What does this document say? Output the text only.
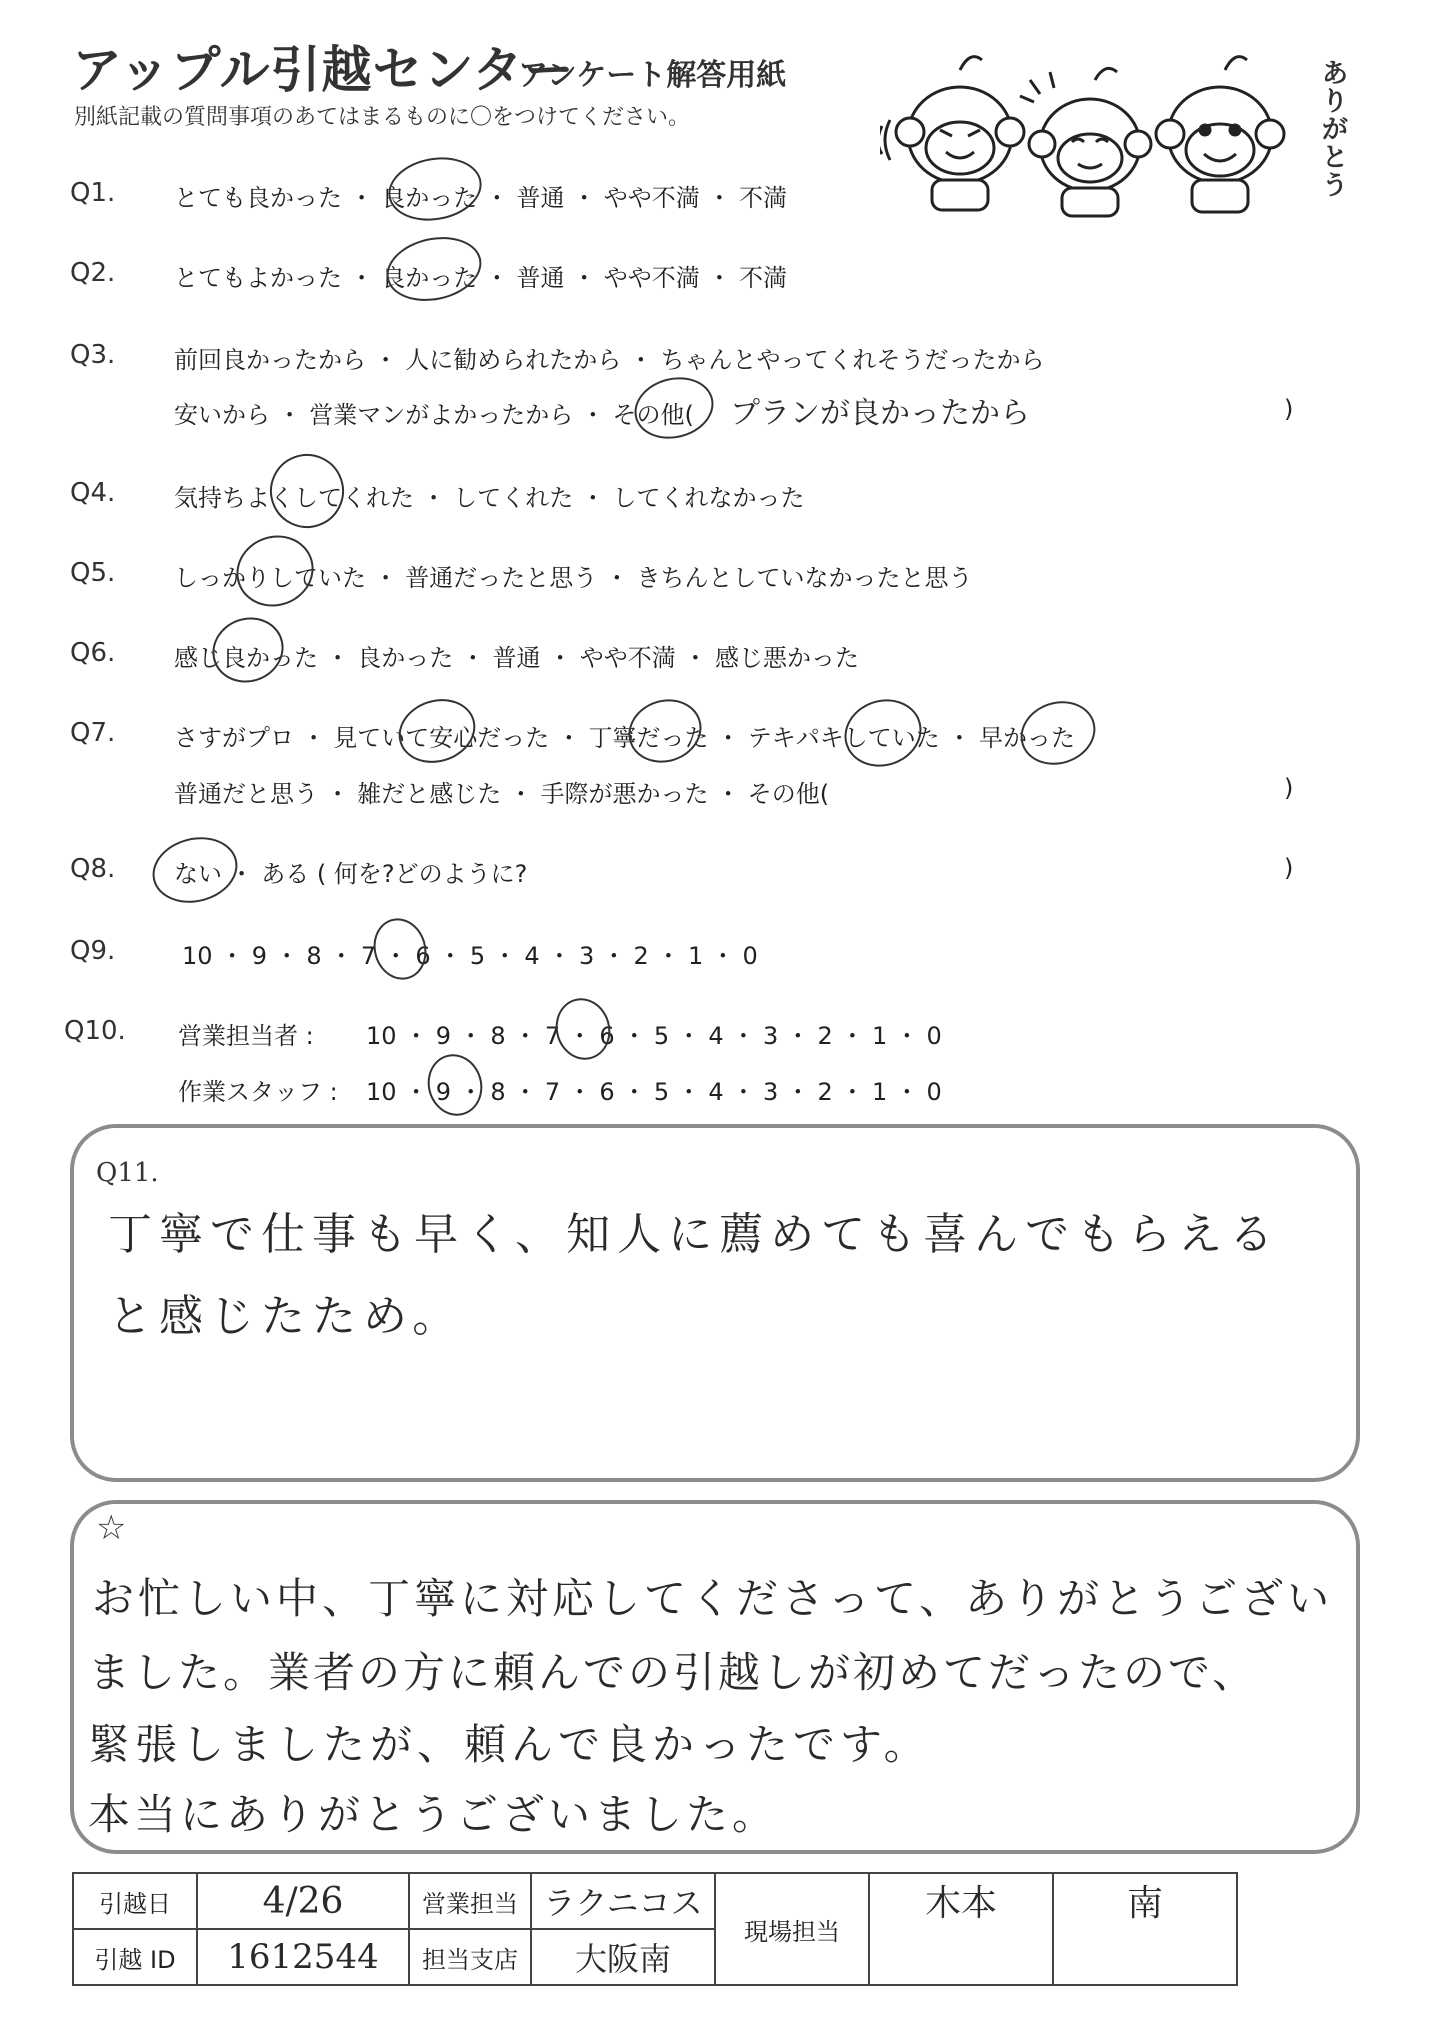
アップル引越センター
アンケート解答用紙
別紙記載の質問事項のあてはまるものに〇をつけてください。
ありがとう
Q1. とても良かった ・ 良かった ・ 普通 ・ やや不満 ・ 不満
Q2. とてもよかった ・ 良かった ・ 普通 ・ やや不満 ・ 不満
Q3. 前回良かったから ・ 人に勧められたから ・ ちゃんとやってくれそうだったから
安いから ・ 営業マンがよかったから ・ その他( プランが良かったから	)
Q4. 気持ちよくしてくれた ・ してくれた ・ してくれなかった
Q5. しっかりしていた ・ 普通だったと思う ・ きちんとしていなかったと思う
Q6. 感じ良かった ・ 良かった ・ 普通 ・ やや不満 ・ 感じ悪かった
Q7. さすがプロ ・ 見ていて安心だった ・ 丁寧だった ・ テキパキしていた ・ 早かった
普通だと思う ・ 雑だと感じた ・ 手際が悪かった ・ その他(	)
Q8. ない ・ ある ( 何を?どのように?	)
Q9.	10 ・ 9 ・ 8 ・ 7 ・ 6 ・ 5 ・ 4 ・ 3 ・ 2 ・ 1 ・ 0
Q10. 営業担当者 : 10 ・ 9 ・ 8 ・ 7 ・ 6 ・ 5 ・ 4 ・ 3 ・ 2 ・ 1 ・ 0
作業スタッフ : 10 ・ 9 ・ 8 ・ 7 ・ 6 ・ 5 ・ 4 ・ 3 ・ 2 ・ 1 ・ 0
Q11.
丁寧で仕事も早く、知人に薦めても喜んでもらえる
と感じたため。
☆
お忙しい中、丁寧に対応してくださって、ありがとうござい
ました。業者の方に頼んでの引越しが初めてだったので、
緊張しましたが、頼んで良かったです。
本当にありがとうございました。
引越日	4/26	営業担当	ラクニコス	現場担当	木本	南
引越 ID	1612544	担当支店	大阪南			
